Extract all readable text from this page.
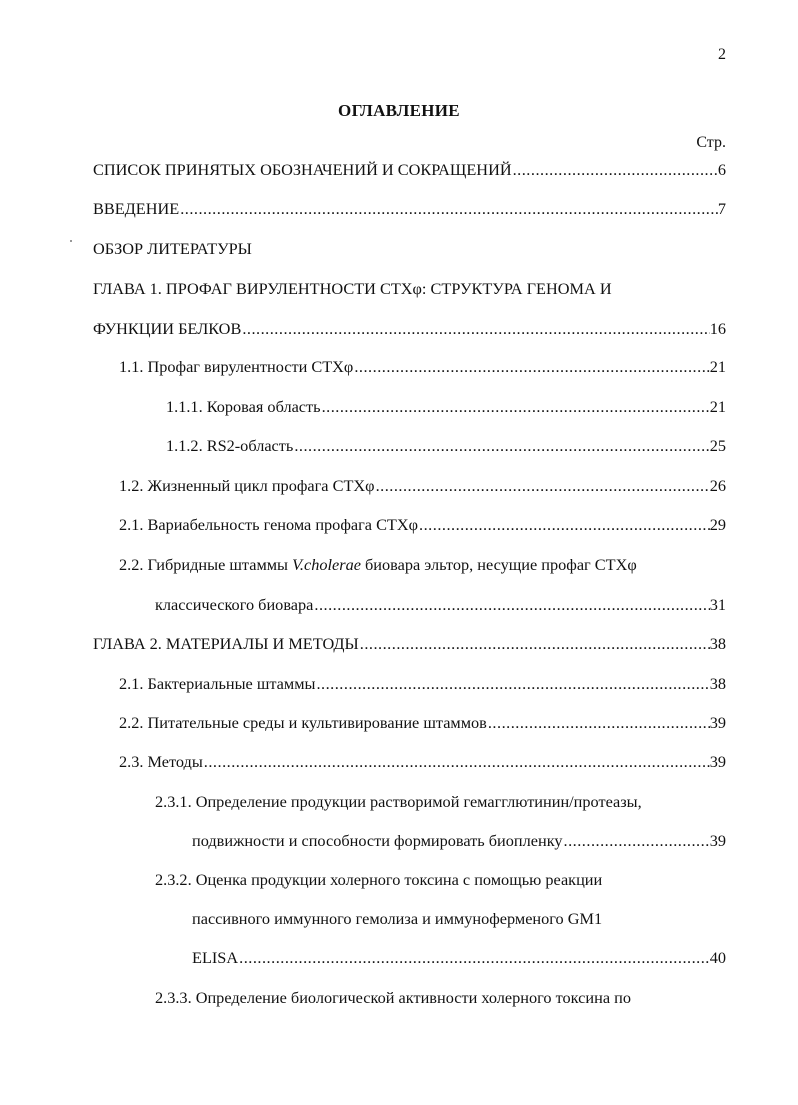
2
ОГЛАВЛЕНИЕ
Стр.
СПИСОК ПРИНЯТЫХ ОБОЗНАЧЕНИЙ И СОКРАЩЕНИЙ .....	6
ВВЕДЕНИЕ .....	7
ОБЗОР ЛИТЕРАТУРЫ
ГЛАВА 1. ПРОФАГ ВИРУЛЕНТНОСТИ СТХφ: СТРУКТУРА ГЕНОМА И
ФУНКЦИИ БЕЛКОВ .....	16
1.1. Профаг вирулентности СТХφ .....	21
1.1.1. Коровая область .....	21
1.1.2. RS2-область .....	25
1.2. Жизненный цикл профага СТХφ .....	26
2.1. Вариабельность генома профага СТХφ .....	29
2.2. Гибридные штаммы V.cholerae биовара эльтор, несущие профаг СТХφ
классического биовара .....	31
ГЛАВА 2. МАТЕРИАЛЫ И МЕТОДЫ .....	38
2.1. Бактериальные штаммы .....	38
2.2. Питательные среды и культивирование штаммов .....	39
2.3. Методы .....	39
2.3.1. Определение продукции растворимой гемагглютинин/протеазы,
подвижности и способности формировать биопленку .....	39
2.3.2. Оценка продукции холерного токсина с помощью реакции
пассивного иммунного гемолиза и иммуноферменого GM1
ELISA .....	40
2.3.3. Определение биологической активности холерного токсина по
